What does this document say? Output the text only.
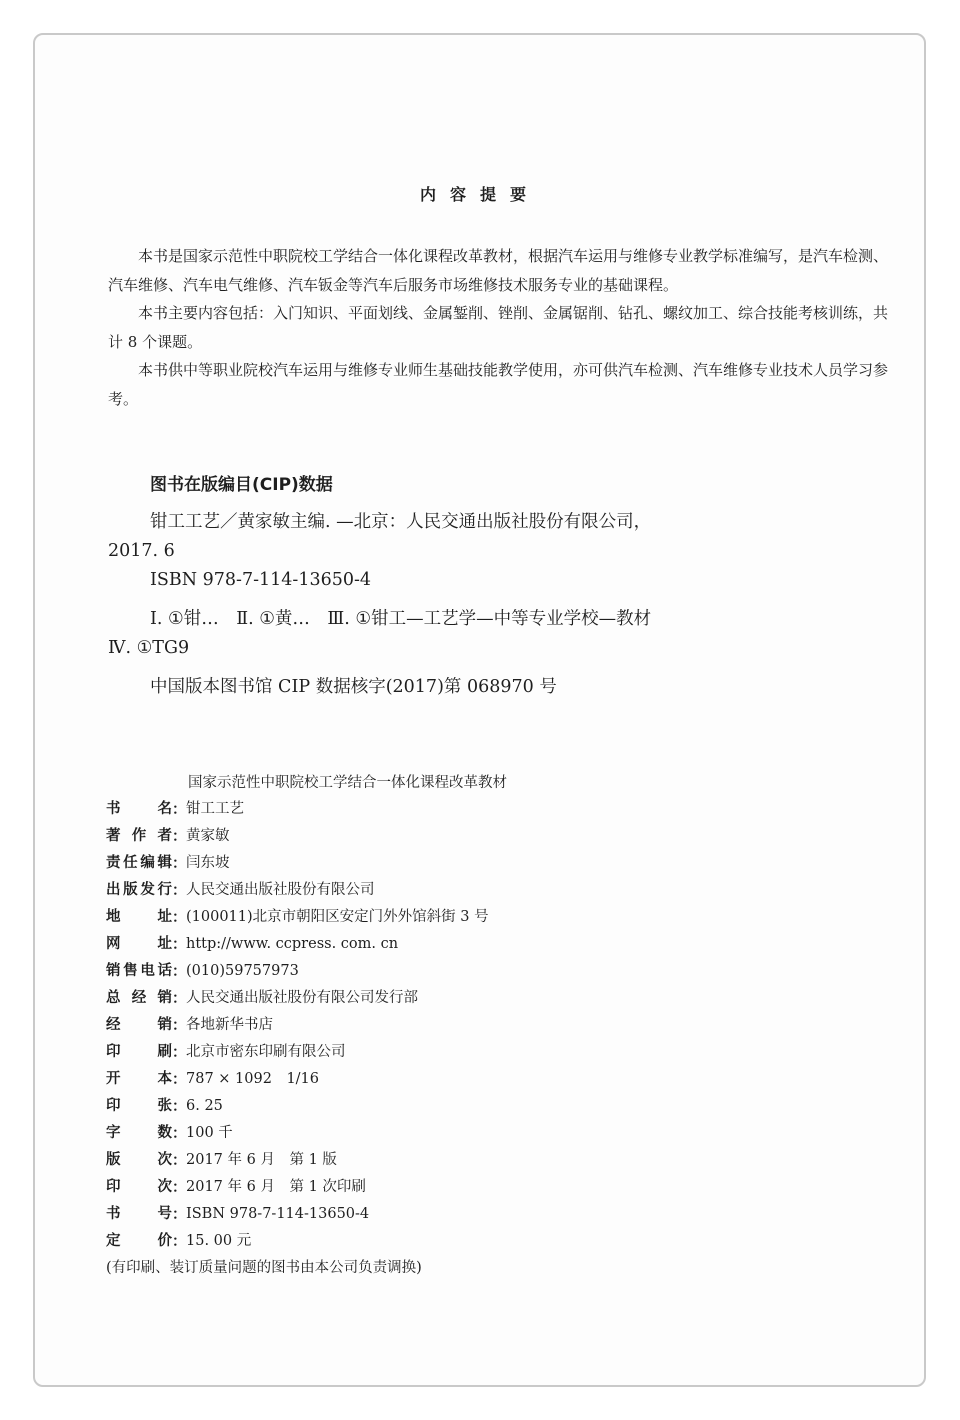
内容提要

本书是国家示范性中职院校工学结合一体化课程改革教材，根据汽车运用与维修专业教学标准编写，是汽车检测、汽车维修、汽车电气维修、汽车钣金等汽车后服务市场维修技术服务专业的基础课程。

本书主要内容包括：入门知识、平面划线、金属錾削、锉削、金属锯削、钻孔、螺纹加工、综合技能考核训练，共计 8 个课题。

本书供中等职业院校汽车运用与维修专业师生基础技能教学使用，亦可供汽车检测、汽车维修专业技术人员学习参考。

图书在版编目(CIP)数据

钳工工艺／黄家敏主编. —北京：人民交通出版社股份有限公司，2017. 6

ISBN 978-7-114-13650-4

Ⅰ. ①钳…　Ⅱ. ①黄…　Ⅲ. ①钳工—工艺学—中等专业学校—教材　Ⅳ. ①TG9

中国版本图书馆 CIP 数据核字(2017)第 068970 号

国家示范性中职院校工学结合一体化课程改革教材
书名 ： 钳工工艺
著作者 ： 黄家敏
责任编辑 ： 闫东坡
出版发行 ： 人民交通出版社股份有限公司
地址 ： (100011)北京市朝阳区安定门外外馆斜街 3 号
网址 ： http://www. ccpress. com. cn
销售电话 ： (010)59757973
总经销 ： 人民交通出版社股份有限公司发行部
经销 ： 各地新华书店
印刷 ： 北京市密东印刷有限公司
开本 ： 787 × 1092　1/16
印张 ： 6. 25
字数 ： 100 千
版次 ： 2017 年 6 月　第 1 版
印次 ： 2017 年 6 月　第 1 次印刷
书号 ： ISBN 978-7-114-13650-4
定价 ： 15. 00 元
(有印刷、装订质量问题的图书由本公司负责调换)
